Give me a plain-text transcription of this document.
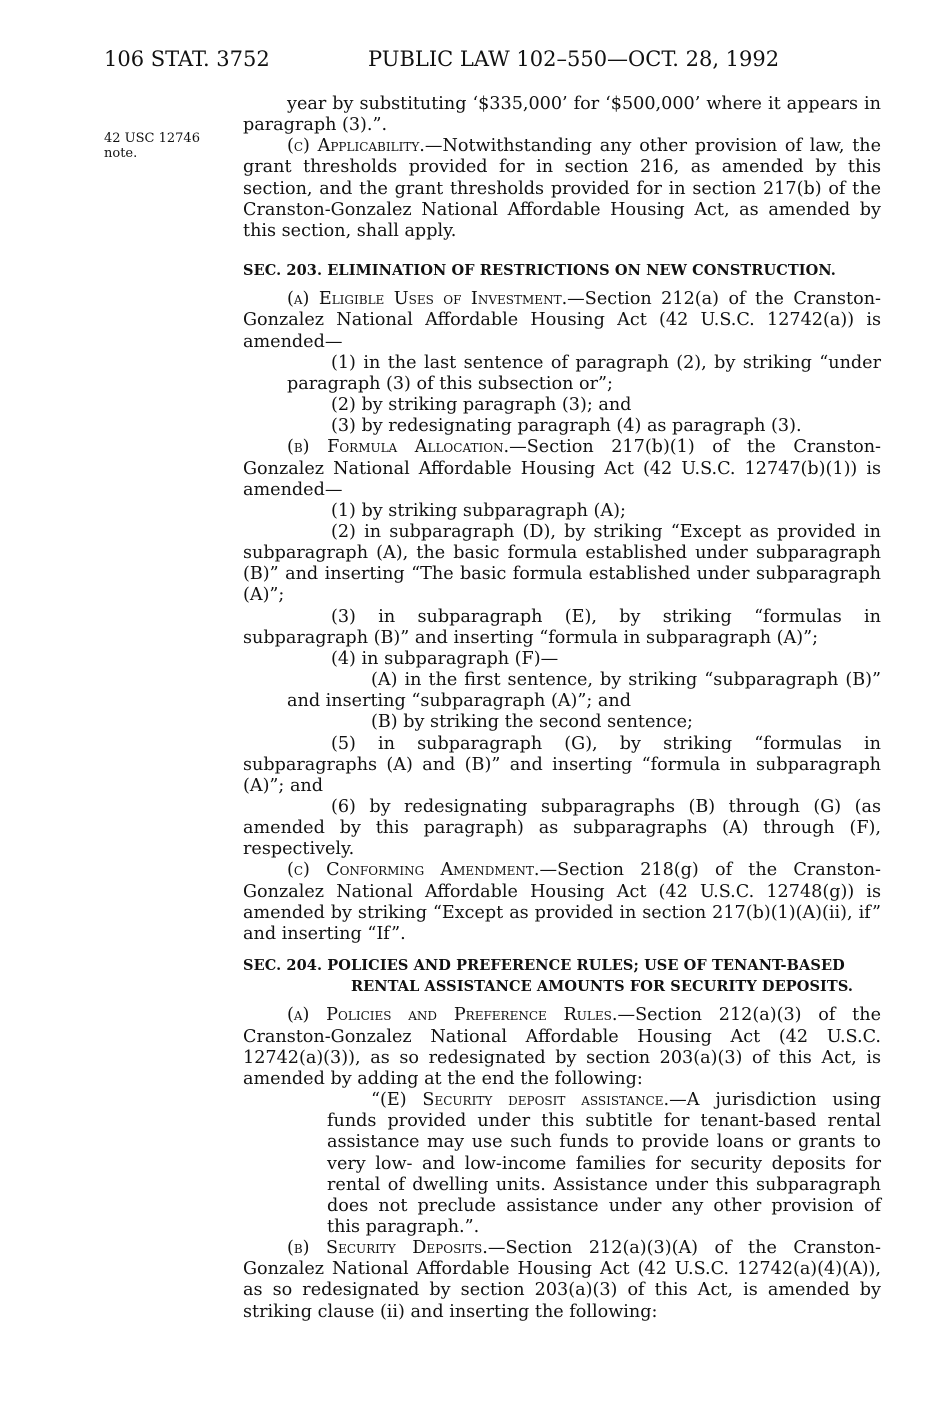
106 STAT. 3752	PUBLIC LAW 102–550—OCT. 28, 1992
42 USC 12746
note.

year by substituting ‘$335,000’ for ‘$500,000’ where it appears in paragraph (3).”.

(c) Applicability.—Notwithstanding any other provision of law, the grant thresholds provided for in section 216, as amended by this section, and the grant thresholds provided for in section 217(b) of the Cranston-Gonzalez National Affordable Housing Act, as amended by this section, shall apply.

SEC. 203. ELIMINATION OF RESTRICTIONS ON NEW CONSTRUCTION.

(a) Eligible Uses of Investment.—Section 212(a) of the Cranston-Gonzalez National Affordable Housing Act (42 U.S.C. 12742(a)) is amended—

(1) in the last sentence of paragraph (2), by striking “under paragraph (3) of this subsection or”;

(2) by striking paragraph (3); and

(3) by redesignating paragraph (4) as paragraph (3).

(b) Formula Allocation.—Section 217(b)(1) of the Cranston-Gonzalez National Affordable Housing Act (42 U.S.C. 12747(b)(1)) is amended—

(1) by striking subparagraph (A);

(2) in subparagraph (D), by striking “Except as provided in subparagraph (A), the basic formula established under subparagraph (B)” and inserting “The basic formula established under subparagraph (A)”;

(3) in subparagraph (E), by striking “formulas in subparagraph (B)” and inserting “formula in subparagraph (A)”;

(4) in subparagraph (F)—

(A) in the first sentence, by striking “subparagraph (B)” and inserting “subparagraph (A)”; and

(B) by striking the second sentence;

(5) in subparagraph (G), by striking “formulas in subparagraphs (A) and (B)” and inserting “formula in subparagraph (A)”; and

(6) by redesignating subparagraphs (B) through (G) (as amended by this paragraph) as subparagraphs (A) through (F), respectively.

(c) Conforming Amendment.—Section 218(g) of the Cranston-Gonzalez National Affordable Housing Act (42 U.S.C. 12748(g)) is amended by striking “Except as provided in section 217(b)(1)(A)(ii), if” and inserting “If”.

SEC. 204. POLICIES AND PREFERENCE RULES; USE OF TENANT-BASED

RENTAL ASSISTANCE AMOUNTS FOR SECURITY DEPOSITS.

(a) Policies and Preference Rules.—Section 212(a)(3) of the Cranston-Gonzalez National Affordable Housing Act (42 U.S.C. 12742(a)(3)), as so redesignated by section 203(a)(3) of this Act, is amended by adding at the end the following:

“(E) Security deposit assistance.—A jurisdiction using funds provided under this subtitle for tenant-based rental assistance may use such funds to provide loans or grants to very low- and low-income families for security deposits for rental of dwelling units. Assistance under this subparagraph does not preclude assistance under any other provision of this paragraph.”.

(b) Security Deposits.—Section 212(a)(3)(A) of the Cranston-Gonzalez National Affordable Housing Act (42 U.S.C. 12742(a)(4)(A)), as so redesignated by section 203(a)(3) of this Act, is amended by striking clause (ii) and inserting the following:
